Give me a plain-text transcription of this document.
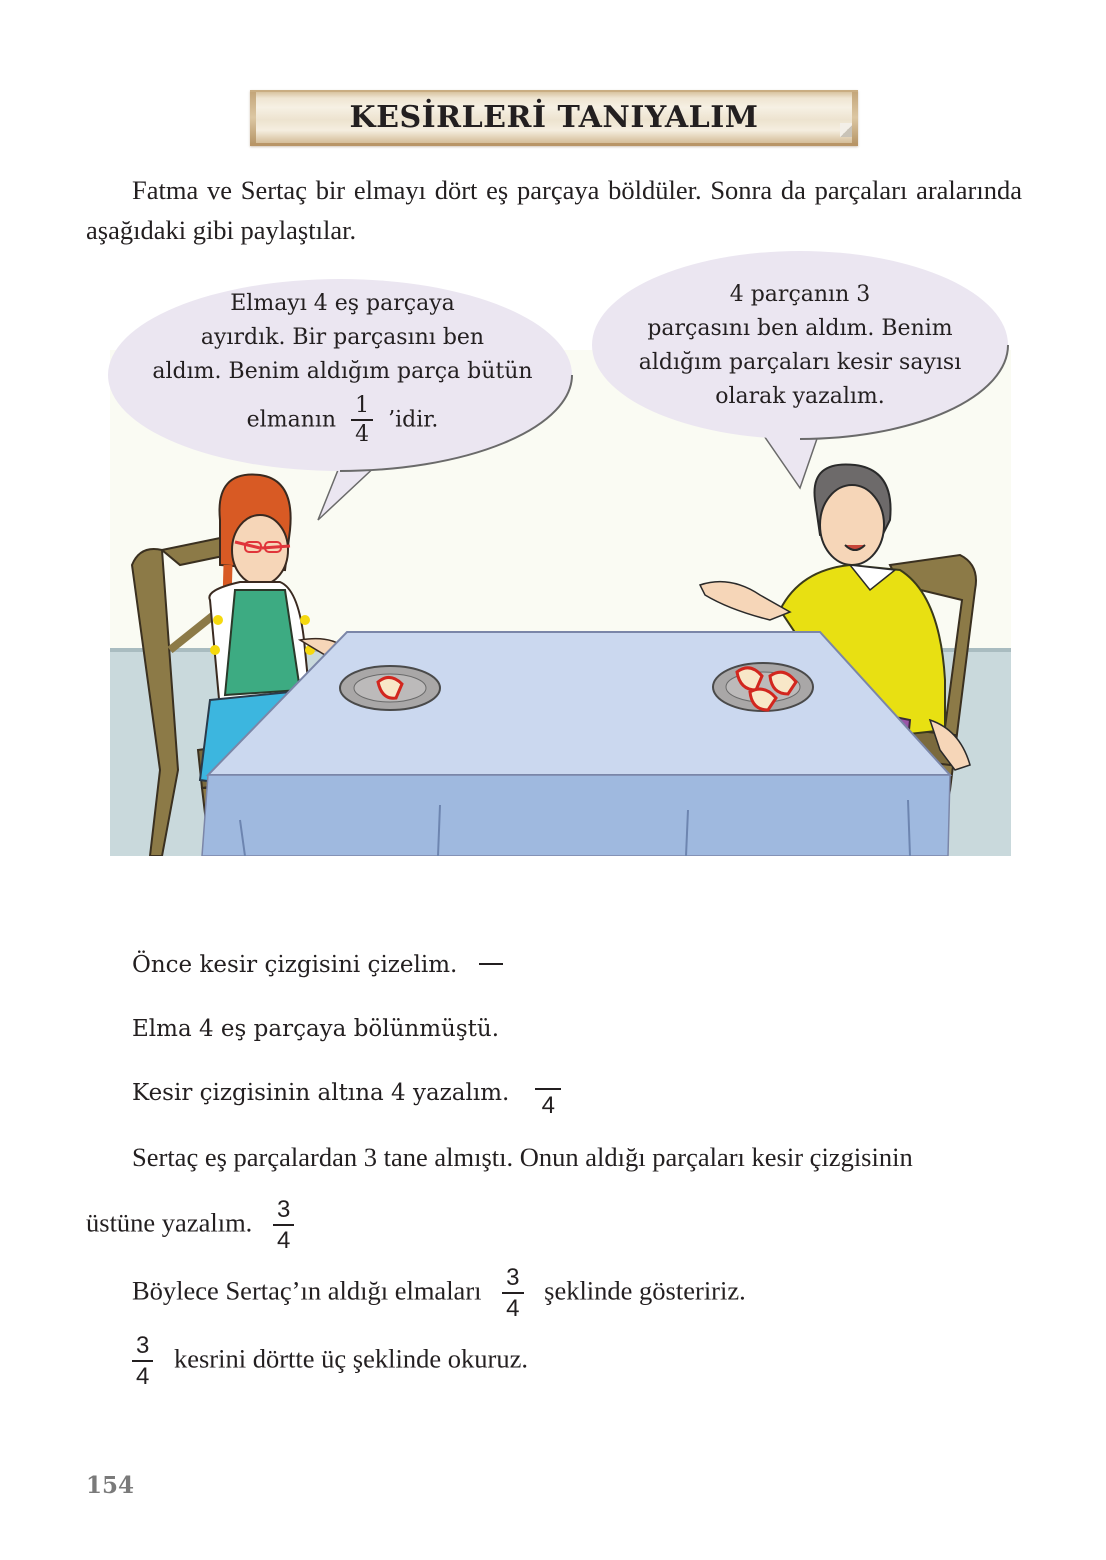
KESİRLERİ TANIYALIM

Fatma ve Sertaç bir elmayı dört eş parçaya böldüler. Sonra da parçaları aralarında aşağıdaki gibi paylaştılar.

Elmayı 4 eş parçaya
ayırdık. Bir parçasını ben
aldım. Benim aldığım parça bütün
elmanın $\frac{1}{4}$ ’idir.
4 parçanın 3
parçasını ben aldım. Benim
aldığım parçaları kesir sayısı
olarak yazalım.
Önce kesir çizgisini çizelim.
Elma 4 eş parçaya bölünmüştü.
Kesir çizgisinin altına 4 yazalım. 4
Sertaç eş parçalardan 3 tane almıştı. Onun aldığı parçaları kesir çizgisinin
üstüne yazalım. $\frac{3}{4}$
Böylece Sertaç’ın aldığı elmaları $\frac{3}{4}$ şeklinde gösteririz.
$\frac{3}{4}$ kesrini dörtte üç şeklinde okuruz.
154
